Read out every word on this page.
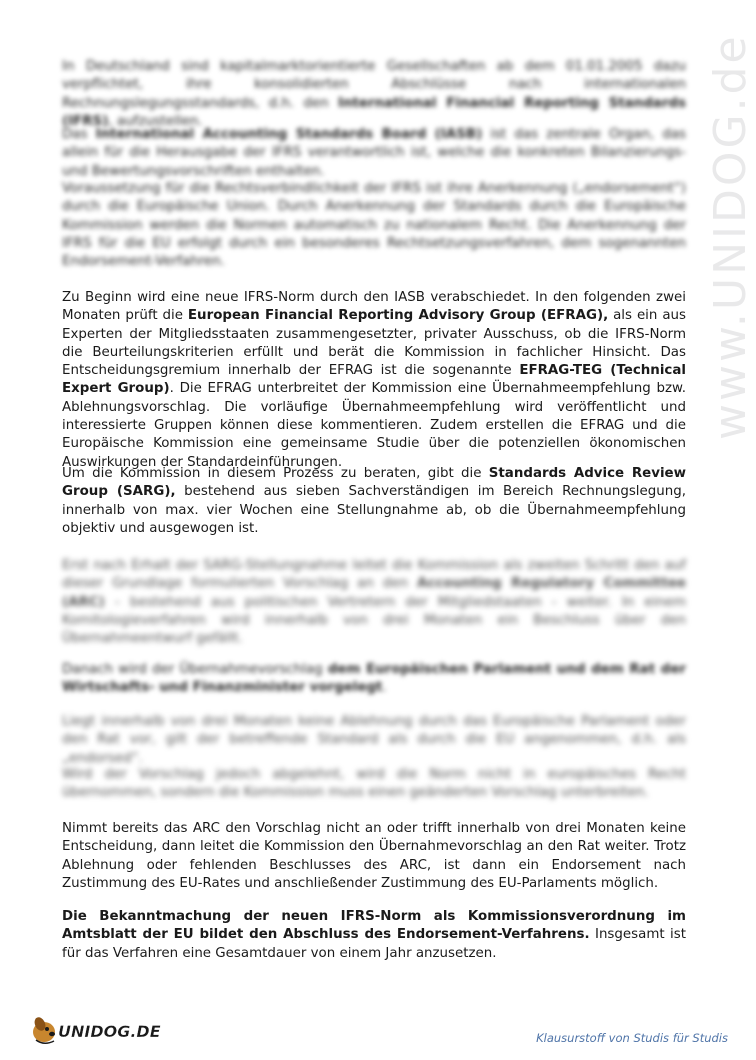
www.UNIDOG.de

In Deutschland sind kapitalmarktorientierte Gesellschaften ab dem 01.01.2005 dazu verpflichtet, ihre konsolidierten Abschlüsse nach internationalen Rechnungslegungsstandards, d.h. den International Financial Reporting Standards (IFRS), aufzustellen.

Das International Accounting Standards Board (IASB) ist das zentrale Organ, das allein für die Herausgabe der IFRS verantwortlich ist, welche die konkreten Bilanzierungs- und Bewertungsvorschriften enthalten.

Voraussetzung für die Rechtsverbindlichkeit der IFRS ist ihre Anerkennung („endorsement“) durch die Europäische Union. Durch Anerkennung der Standards durch die Europäische Kommission werden die Normen automatisch zu nationalem Recht. Die Anerkennung der IFRS für die EU erfolgt durch ein besonderes Rechtsetzungsverfahren, dem sogenannten Endorsement-Verfahren.

Zu Beginn wird eine neue IFRS-Norm durch den IASB verabschiedet. In den folgenden zwei Monaten prüft die European Financial Reporting Advisory Group (EFRAG), als ein aus Experten der Mitgliedsstaaten zusammengesetzter, privater Ausschuss, ob die IFRS-Norm die Beurteilungskriterien erfüllt und berät die Kommission in fachlicher Hinsicht. Das Entscheidungsgremium innerhalb der EFRAG ist die sogenannte EFRAG-TEG (Technical Expert Group). Die EFRAG unterbreitet der Kommission eine Übernahmeempfehlung bzw. Ablehnungsvorschlag. Die vorläufige Übernahmeempfehlung wird veröffentlicht und interessierte Gruppen können diese kommentieren. Zudem erstellen die EFRAG und die Europäische Kommission eine gemeinsame Studie über die potenziellen ökonomischen Auswirkungen der Standardeinführungen.

Um die Kommission in diesem Prozess zu beraten, gibt die Standards Advice Review Group (SARG), bestehend aus sieben Sachverständigen im Bereich Rechnungslegung, innerhalb von max. vier Wochen eine Stellungnahme ab, ob die Übernahmeempfehlung objektiv und ausgewogen ist.

Erst nach Erhalt der SARG-Stellungnahme leitet die Kommission als zweiten Schritt den auf dieser Grundlage formulierten Vorschlag an den Accounting Regulatory Committee (ARC) - bestehend aus politischen Vertretern der Mitgliedstaaten - weiter. In einem Komitologieverfahren wird innerhalb von drei Monaten ein Beschluss über den Übernahmeentwurf gefällt.

Danach wird der Übernahmevorschlag dem Europäischen Parlament und dem Rat der Wirtschafts- und Finanzminister vorgelegt.

Liegt innerhalb von drei Monaten keine Ablehnung durch das Europäische Parlament oder den Rat vor, gilt der betreffende Standard als durch die EU angenommen, d.h. als „endorsed“.

Wird der Vorschlag jedoch abgelehnt, wird die Norm nicht in europäisches Recht übernommen, sondern die Kommission muss einen geänderten Vorschlag unterbreiten.

Nimmt bereits das ARC den Vorschlag nicht an oder trifft innerhalb von drei Monaten keine Entscheidung, dann leitet die Kommission den Übernahmevorschlag an den Rat weiter. Trotz Ablehnung oder fehlenden Beschlusses des ARC, ist dann ein Endorsement nach Zustimmung des EU-Rates und anschließender Zustimmung des EU-Parlaments möglich.

Die Bekanntmachung der neuen IFRS-Norm als Kommissionsverordnung im Amtsblatt der EU bildet den Abschluss des Endorsement-Verfahrens. Insgesamt ist für das Verfahren eine Gesamtdauer von einem Jahr anzusetzen.

UNIDOG.DE	Klausurstoff von Studis für Studis
